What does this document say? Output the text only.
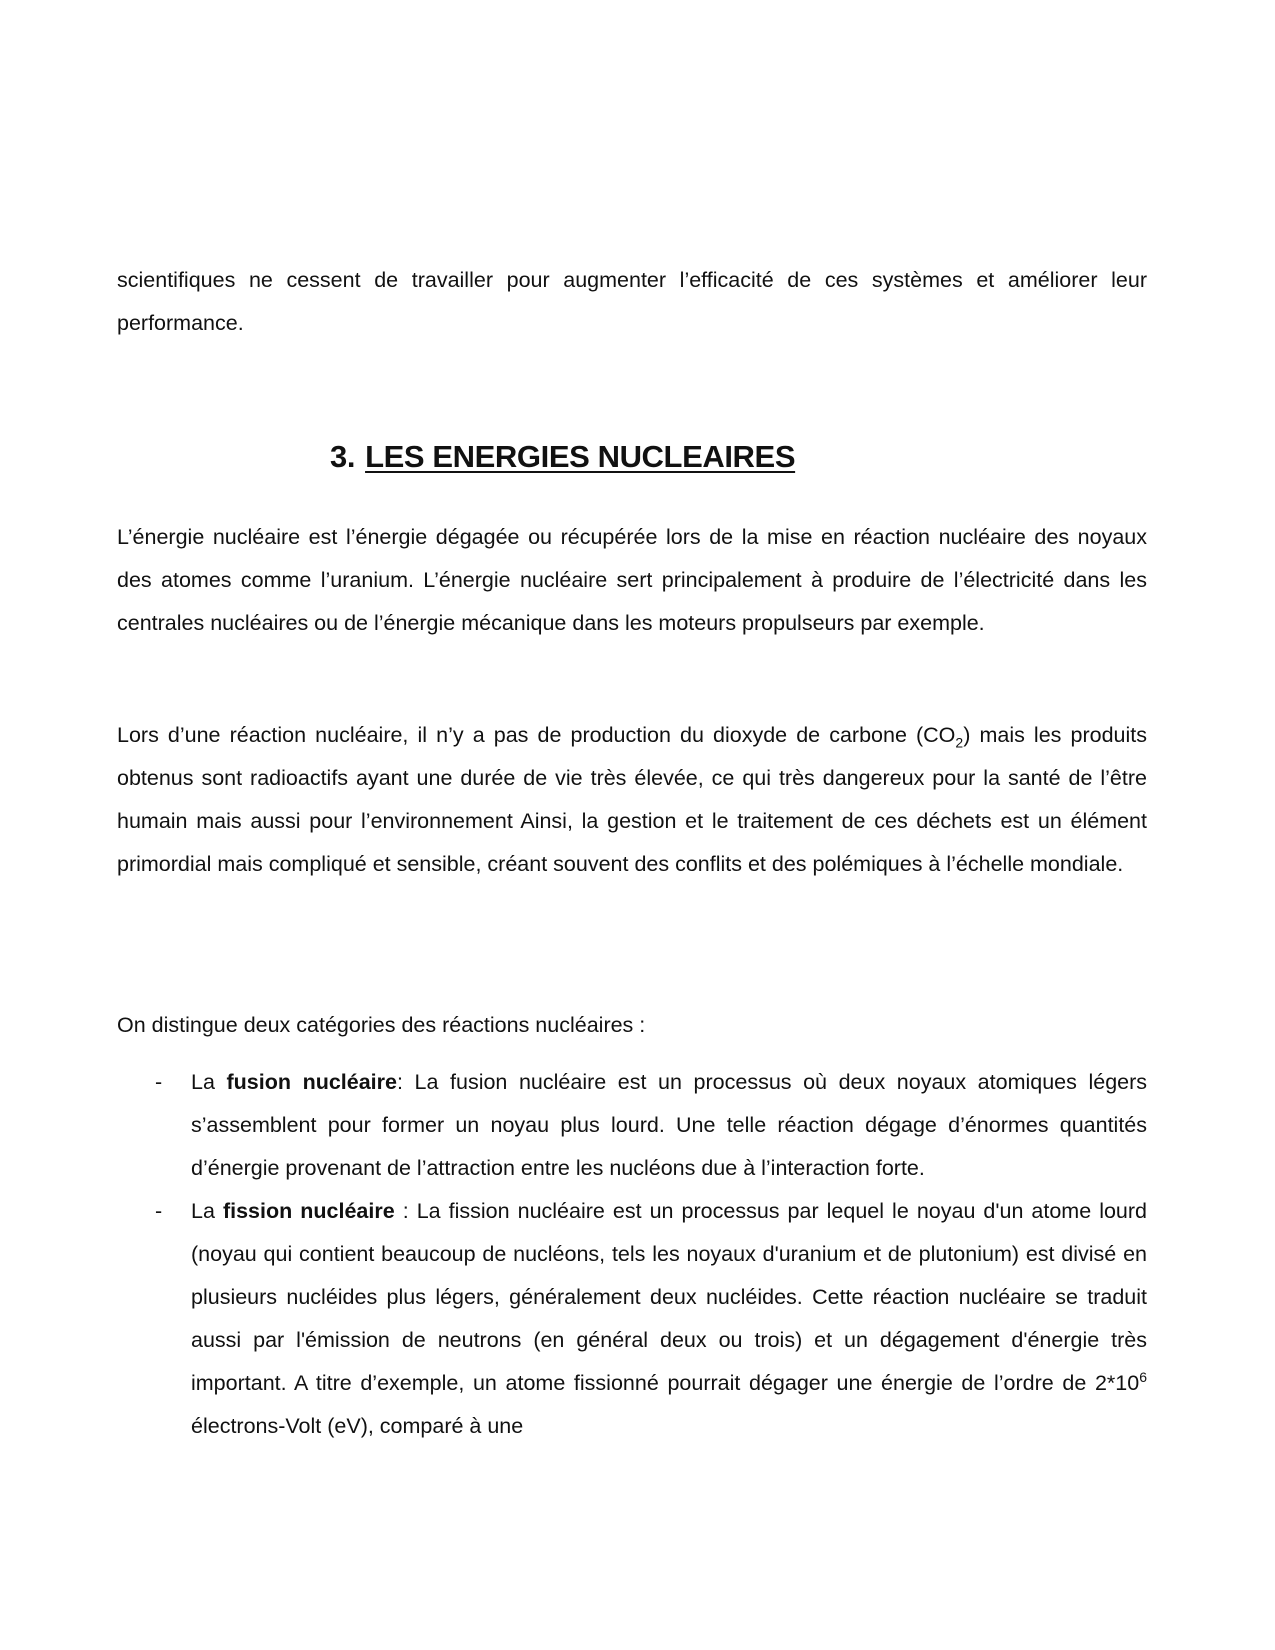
scientifiques ne cessent de travailler pour augmenter l’efficacité de ces systèmes et améliorer leur performance.

3. LES ENERGIES NUCLEAIRES

L’énergie nucléaire est l’énergie dégagée ou récupérée lors de la mise en réaction nucléaire des noyaux des atomes comme l’uranium. L’énergie nucléaire sert principalement à produire de l’électricité dans les centrales nucléaires ou de l’énergie mécanique dans les moteurs propulseurs par exemple.

Lors d’une réaction nucléaire, il n’y a pas de production du dioxyde de carbone $(CO_2)$ mais les produits obtenus sont radioactifs ayant une durée de vie très élevée, ce qui très dangereux pour la santé de l’être humain mais aussi pour l’environnement Ainsi, la gestion et le traitement de ces déchets est un élément primordial mais compliqué et sensible, créant souvent des conflits et des polémiques à l’échelle mondiale.

On distingue deux catégories des réactions nucléaires :

- La fusion nucléaire: La fusion nucléaire est un processus où deux noyaux atomiques légers s’assemblent pour former un noyau plus lourd. Une telle réaction dégage d’énormes quantités d’énergie provenant de l’attraction entre les nucléons due à l’interaction forte.

- La fission nucléaire : La fission nucléaire est un processus par lequel le noyau d'un atome lourd (noyau qui contient beaucoup de nucléons, tels les noyaux d'uranium et de plutonium) est divisé en plusieurs nucléides plus légers, généralement deux nucléides. Cette réaction nucléaire se traduit aussi par l'émission de neutrons (en général deux ou trois) et un dégagement d'énergie très important. A titre d’exemple, un atome fissionné pourrait dégager une énergie de l’ordre de $2*10^6$ électrons-Volt (eV), comparé à une
